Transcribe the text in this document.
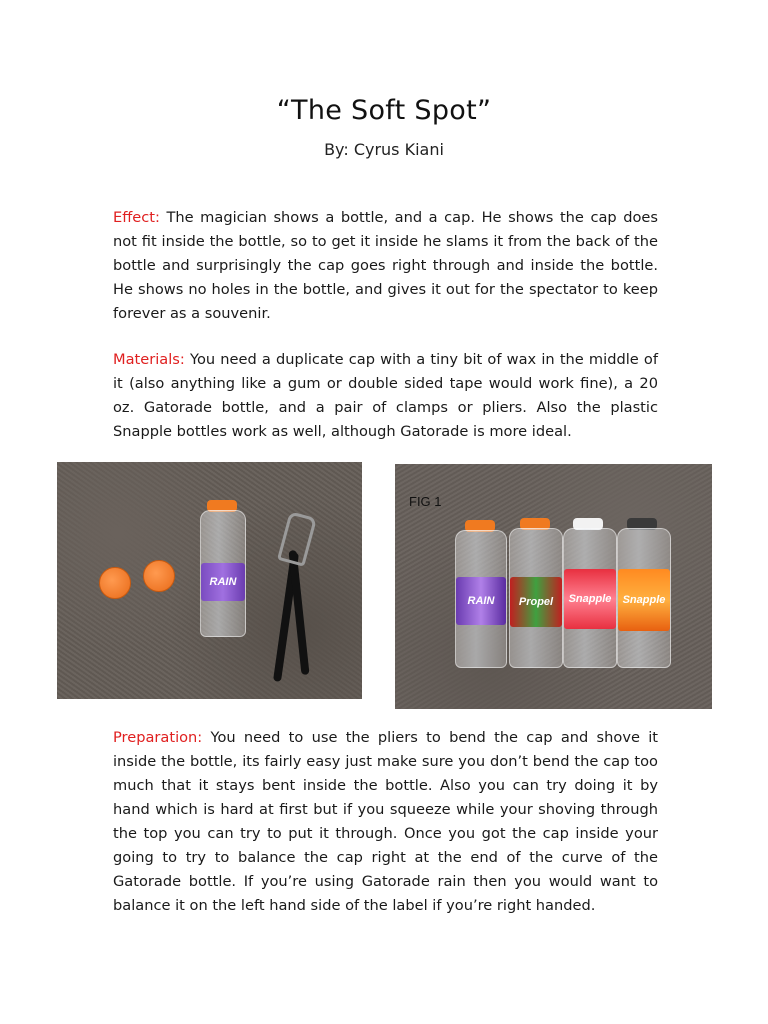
“The Soft Spot”
By: Cyrus Kiani

Effect: The magician shows a bottle, and a cap. He shows the cap does not fit inside the bottle, so to get it inside he slams it from the back of the bottle and surprisingly the cap goes right through and inside the bottle. He shows no holes in the bottle, and gives it out for the spectator to keep forever as a souvenir.

Materials: You need a duplicate cap with a tiny bit of wax in the middle of it (also anything like a gum or double sided tape would work fine), a 20 oz. Gatorade bottle, and a pair of clamps or pliers. Also the plastic Snapple bottles work as well, although Gatorade is more ideal.

RAIN
FIG 1
RAIN	Propel	Snapple	Snapple

Preparation: You need to use the pliers to bend the cap and shove it inside the bottle, its fairly easy just make sure you don’t bend the cap too much that it stays bent inside the bottle. Also you can try doing it by hand which is hard at first but if you squeeze while your shoving through the top you can try to put it through. Once you got the cap inside your going to try to balance the cap right at the end of the curve of the Gatorade bottle. If you’re using Gatorade rain then you would want to balance it on the left hand side of the label if you’re right handed.
